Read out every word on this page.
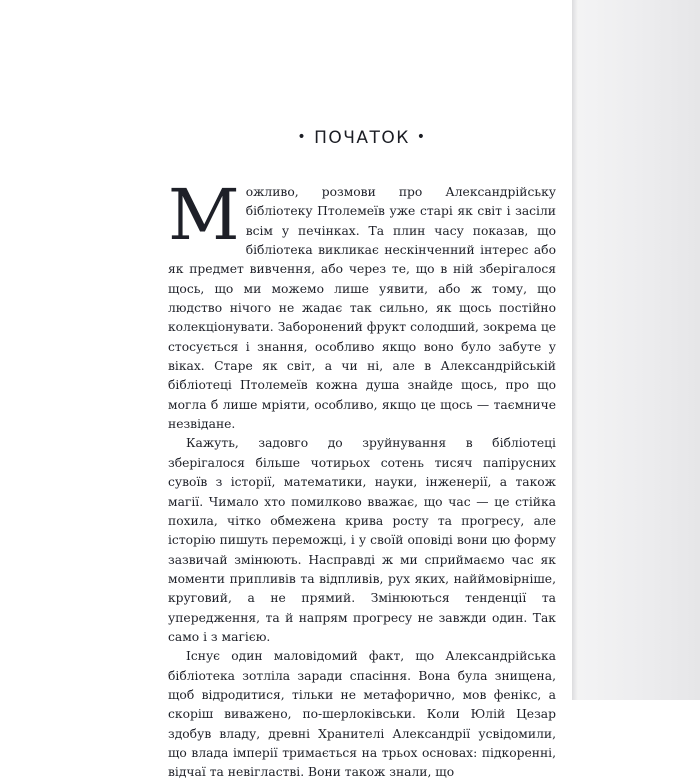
• ПОЧАТОК •

Можливо, розмови про Александрійську бібліотеку Птолемеїв уже старі як світ і засіли всім у печінках. Та плин часу показав, що бібліотека викликає нескінченний інтерес або як предмет вивчення, або через те, що в ній зберігалося щось, що ми можемо лише уявити, або ж тому, що людство нічого не жадає так сильно, як щось постійно колекціонувати. Заборонений фрукт солодший, зокрема це стосується і знання, особливо якщо воно було забуте у віках. Старе як світ, а чи ні, але в Александрійській бібліотеці Птолемеїв кожна душа знайде щось, про що могла б лише мріяти, особливо, якщо це щось — таємниче незвідане.

Кажуть, задовго до зруйнування в бібліотеці зберігалося більше чотирьох сотень тисяч папірусних сувоїв з історії, математики, науки, інженерії, а також магії. Чимало хто помилково вважає, що час — це стійка похила, чітко обмежена крива росту та прогресу, але історію пишуть переможці, і у своїй оповіді вони цю форму зазвичай змінюють. Насправді ж ми сприймаємо час як моменти припливів та відпливів, рух яких, найймовірніше, круговий, а не прямий. Змінюються тенденції та упередження, та й напрям прогресу не завжди один. Так само і з магією.

Існує один маловідомий факт, що Александрійська бібліотека зотліла заради спасіння. Вона була знищена, щоб відродитися, тільки не метафорично, мов фенікс, а скоріш виважено, по-шерлоківськи. Коли Юлій Цезар здобув владу, древні Хранителі Александрії усвідомили, що влада імперії тримається на трьох основах: підкоренні, відчаї та невігластві. Вони також знали, що
